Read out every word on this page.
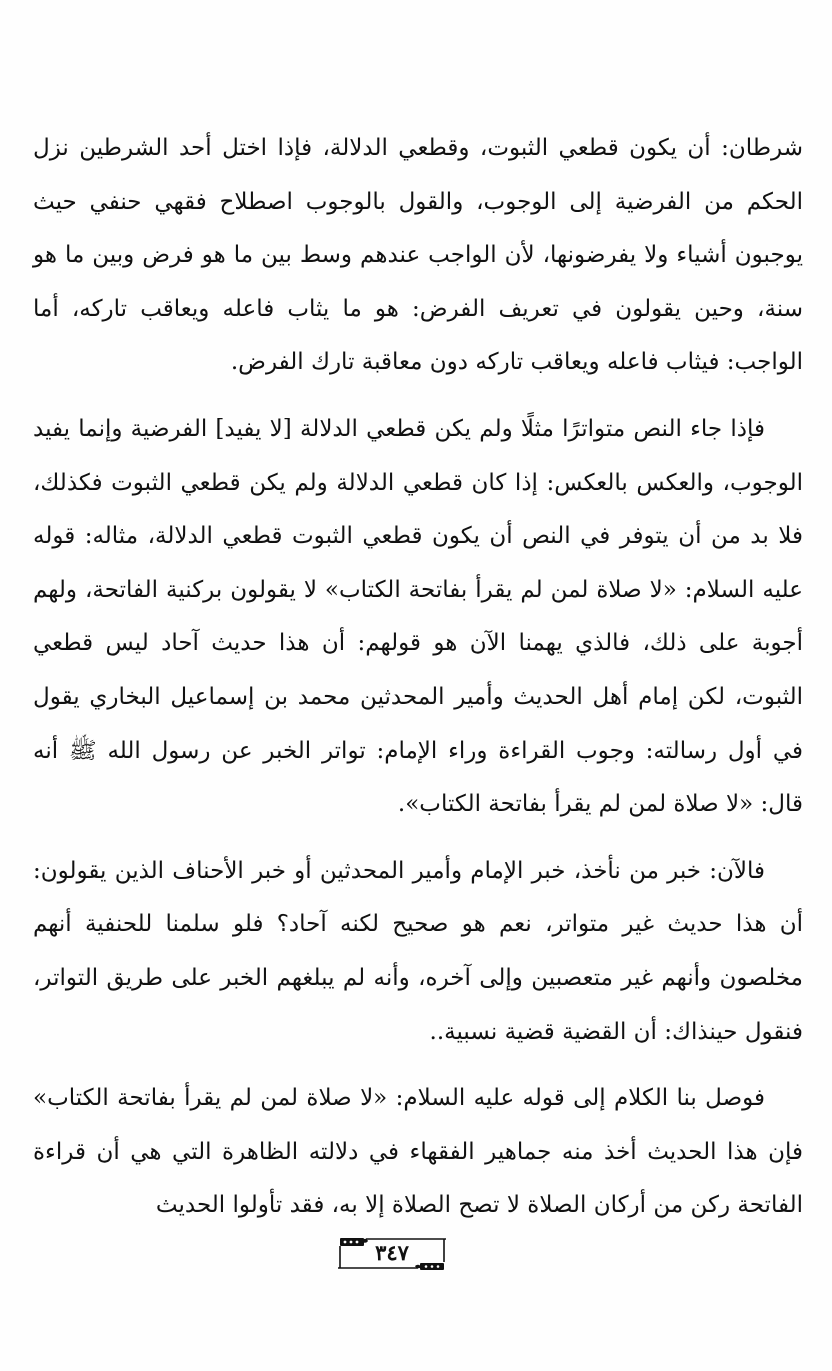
شرطان: أن يكون قطعي الثبوت، وقطعي الدلالة، فإذا اختل أحد الشرطين نزل الحكم من الفرضية إلى الوجوب، والقول بالوجوب اصطلاح فقهي حنفي حيث يوجبون أشياء ولا يفرضونها، لأن الواجب عندهم وسط بين ما هو فرض وبين ما هو سنة، وحين يقولون في تعريف الفرض: هو ما يثاب فاعله ويعاقب تاركه، أما الواجب: فيثاب فاعله ويعاقب تاركه دون معاقبة تارك الفرض.

فإذا جاء النص متواترًا مثلًا ولم يكن قطعي الدلالة [لا يفيد] الفرضية وإنما يفيد الوجوب، والعكس بالعكس: إذا كان قطعي الدلالة ولم يكن قطعي الثبوت فكذلك، فلا بد من أن يتوفر في النص أن يكون قطعي الثبوت قطعي الدلالة، مثاله: قوله عليه السلام: «لا صلاة لمن لم يقرأ بفاتحة الكتاب» لا يقولون بركنية الفاتحة، ولهم أجوبة على ذلك، فالذي يهمنا الآن هو قولهم: أن هذا حديث آحاد ليس قطعي الثبوت، لكن إمام أهل الحديث وأمير المحدثين محمد بن إسماعيل البخاري يقول في أول رسالته: وجوب القراءة وراء الإمام: تواتر الخبر عن رسول الله ﷺ أنه قال: «لا صلاة لمن لم يقرأ بفاتحة الكتاب».

فالآن: خبر من نأخذ، خبر الإمام وأمير المحدثين أو خبر الأحناف الذين يقولون: أن هذا حديث غير متواتر، نعم هو صحيح لكنه آحاد؟ فلو سلمنا للحنفية أنهم مخلصون وأنهم غير متعصبين وإلى آخره، وأنه لم يبلغهم الخبر على طريق التواتر، فنقول حينذاك: أن القضية قضية نسبية..

فوصل بنا الكلام إلى قوله عليه السلام: «لا صلاة لمن لم يقرأ بفاتحة الكتاب» فإن هذا الحديث أخذ منه جماهير الفقهاء في دلالته الظاهرة التي هي أن قراءة الفاتحة ركن من أركان الصلاة لا تصح الصلاة إلا به، فقد تأولوا الحديث

٣٤٧
